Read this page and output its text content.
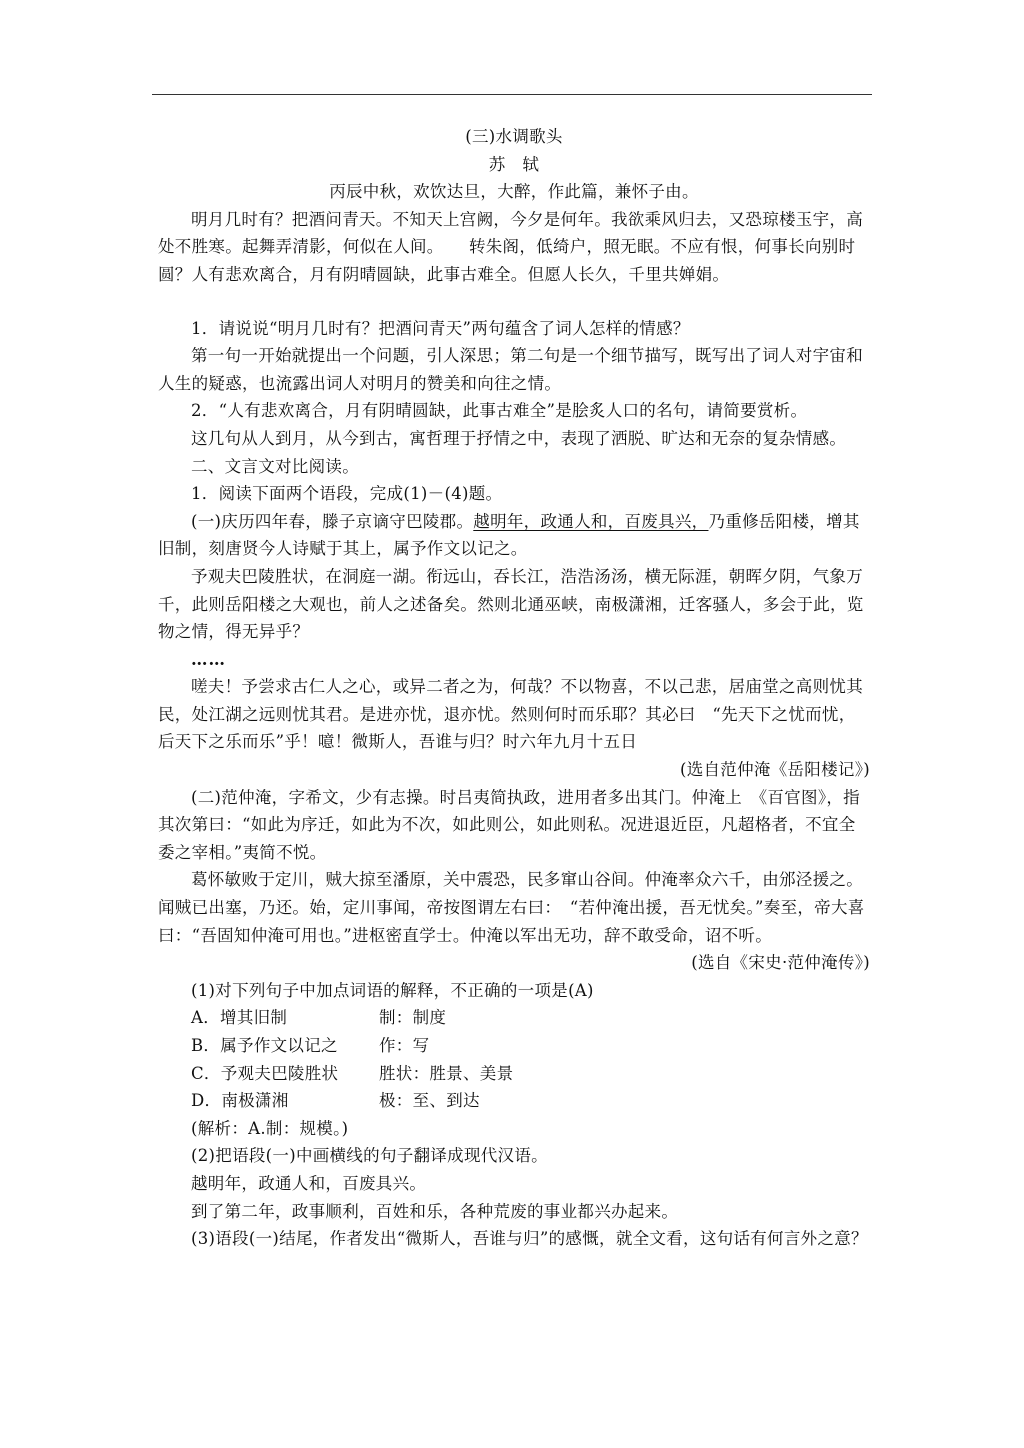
(三)水调歌头

苏　轼

丙辰中秋，欢饮达旦，大醉，作此篇，兼怀子由。

明月几时有？把酒问青天。不知天上宫阙，今夕是何年。我欲乘风归去，又恐琼楼玉宇，高处不胜寒。起舞弄清影，何似在人间。　　转朱阁，低绮户，照无眠。不应有恨，何事长向别时圆？人有悲欢离合，月有阴晴圆缺，此事古难全。但愿人长久，千里共婵娟。

1．请说说“明月几时有？把酒问青天”两句蕴含了词人怎样的情感？

第一句一开始就提出一个问题，引人深思；第二句是一个细节描写，既写出了词人对宇宙和人生的疑惑，也流露出词人对明月的赞美和向往之情。

2．“人有悲欢离合，月有阴晴圆缺，此事古难全”是脍炙人口的名句，请简要赏析。

这几句从人到月，从今到古，寓哲理于抒情之中，表现了洒脱、旷达和无奈的复杂情感。

二、文言文对比阅读。

1．阅读下面两个语段，完成(1)－(4)题。

(一)庆历四年春，滕子京谪守巴陵郡。越明年，政通人和，百废具兴，乃重修岳阳楼，增其旧制，刻唐贤今人诗赋于其上，属予作文以记之。

予观夫巴陵胜状，在洞庭一湖。衔远山，吞长江，浩浩汤汤，横无际涯，朝晖夕阴，气象万千，此则岳阳楼之大观也，前人之述备矣。然则北通巫峡，南极潇湘，迁客骚人，多会于此，览物之情，得无异乎？

……

嗟夫！予尝求古仁人之心，或异二者之为，何哉？不以物喜，不以己悲，居庙堂之高则忧其民，处江湖之远则忧其君。是进亦忧，退亦忧。然则何时而乐耶？其必曰　“先天下之忧而忧，后天下之乐而乐”乎！噫！微斯人，吾谁与归？时六年九月十五日

(选自范仲淹《岳阳楼记》)

(二)范仲淹，字希文，少有志操。时吕夷简执政，进用者多出其门。仲淹上　《百官图》，指其次第曰：“如此为序迁，如此为不次，如此则公，如此则私。况进退近臣，凡超格者，不宜全委之宰相。”夷简不悦。

葛怀敏败于定川，贼大掠至潘原，关中震恐，民多窜山谷间。仲淹率众六千，由邠泾援之。闻贼已出塞，乃还。始，定川事闻，帝按图谓左右曰：　“若仲淹出援，吾无忧矣。”奏至，帝大喜曰：“吾固知仲淹可用也。”进枢密直学士。仲淹以军出无功，辞不敢受命，诏不听。

(选自《宋史·范仲淹传》)

(1)对下列句子中加点词语的解释，不正确的一项是(A)

A．增其旧制	制：制度
B．属予作文以记之	作：写
C．予观夫巴陵胜状	胜状：胜景、美景
D．南极潇湘	极：至、到达

(解析：A.制：规模。)

(2)把语段(一)中画横线的句子翻译成现代汉语。

越明年，政通人和，百废具兴。

到了第二年，政事顺利，百姓和乐，各种荒废的事业都兴办起来。

(3)语段(一)结尾，作者发出“微斯人，吾谁与归”的感慨，就全文看，这句话有何言外之意？
